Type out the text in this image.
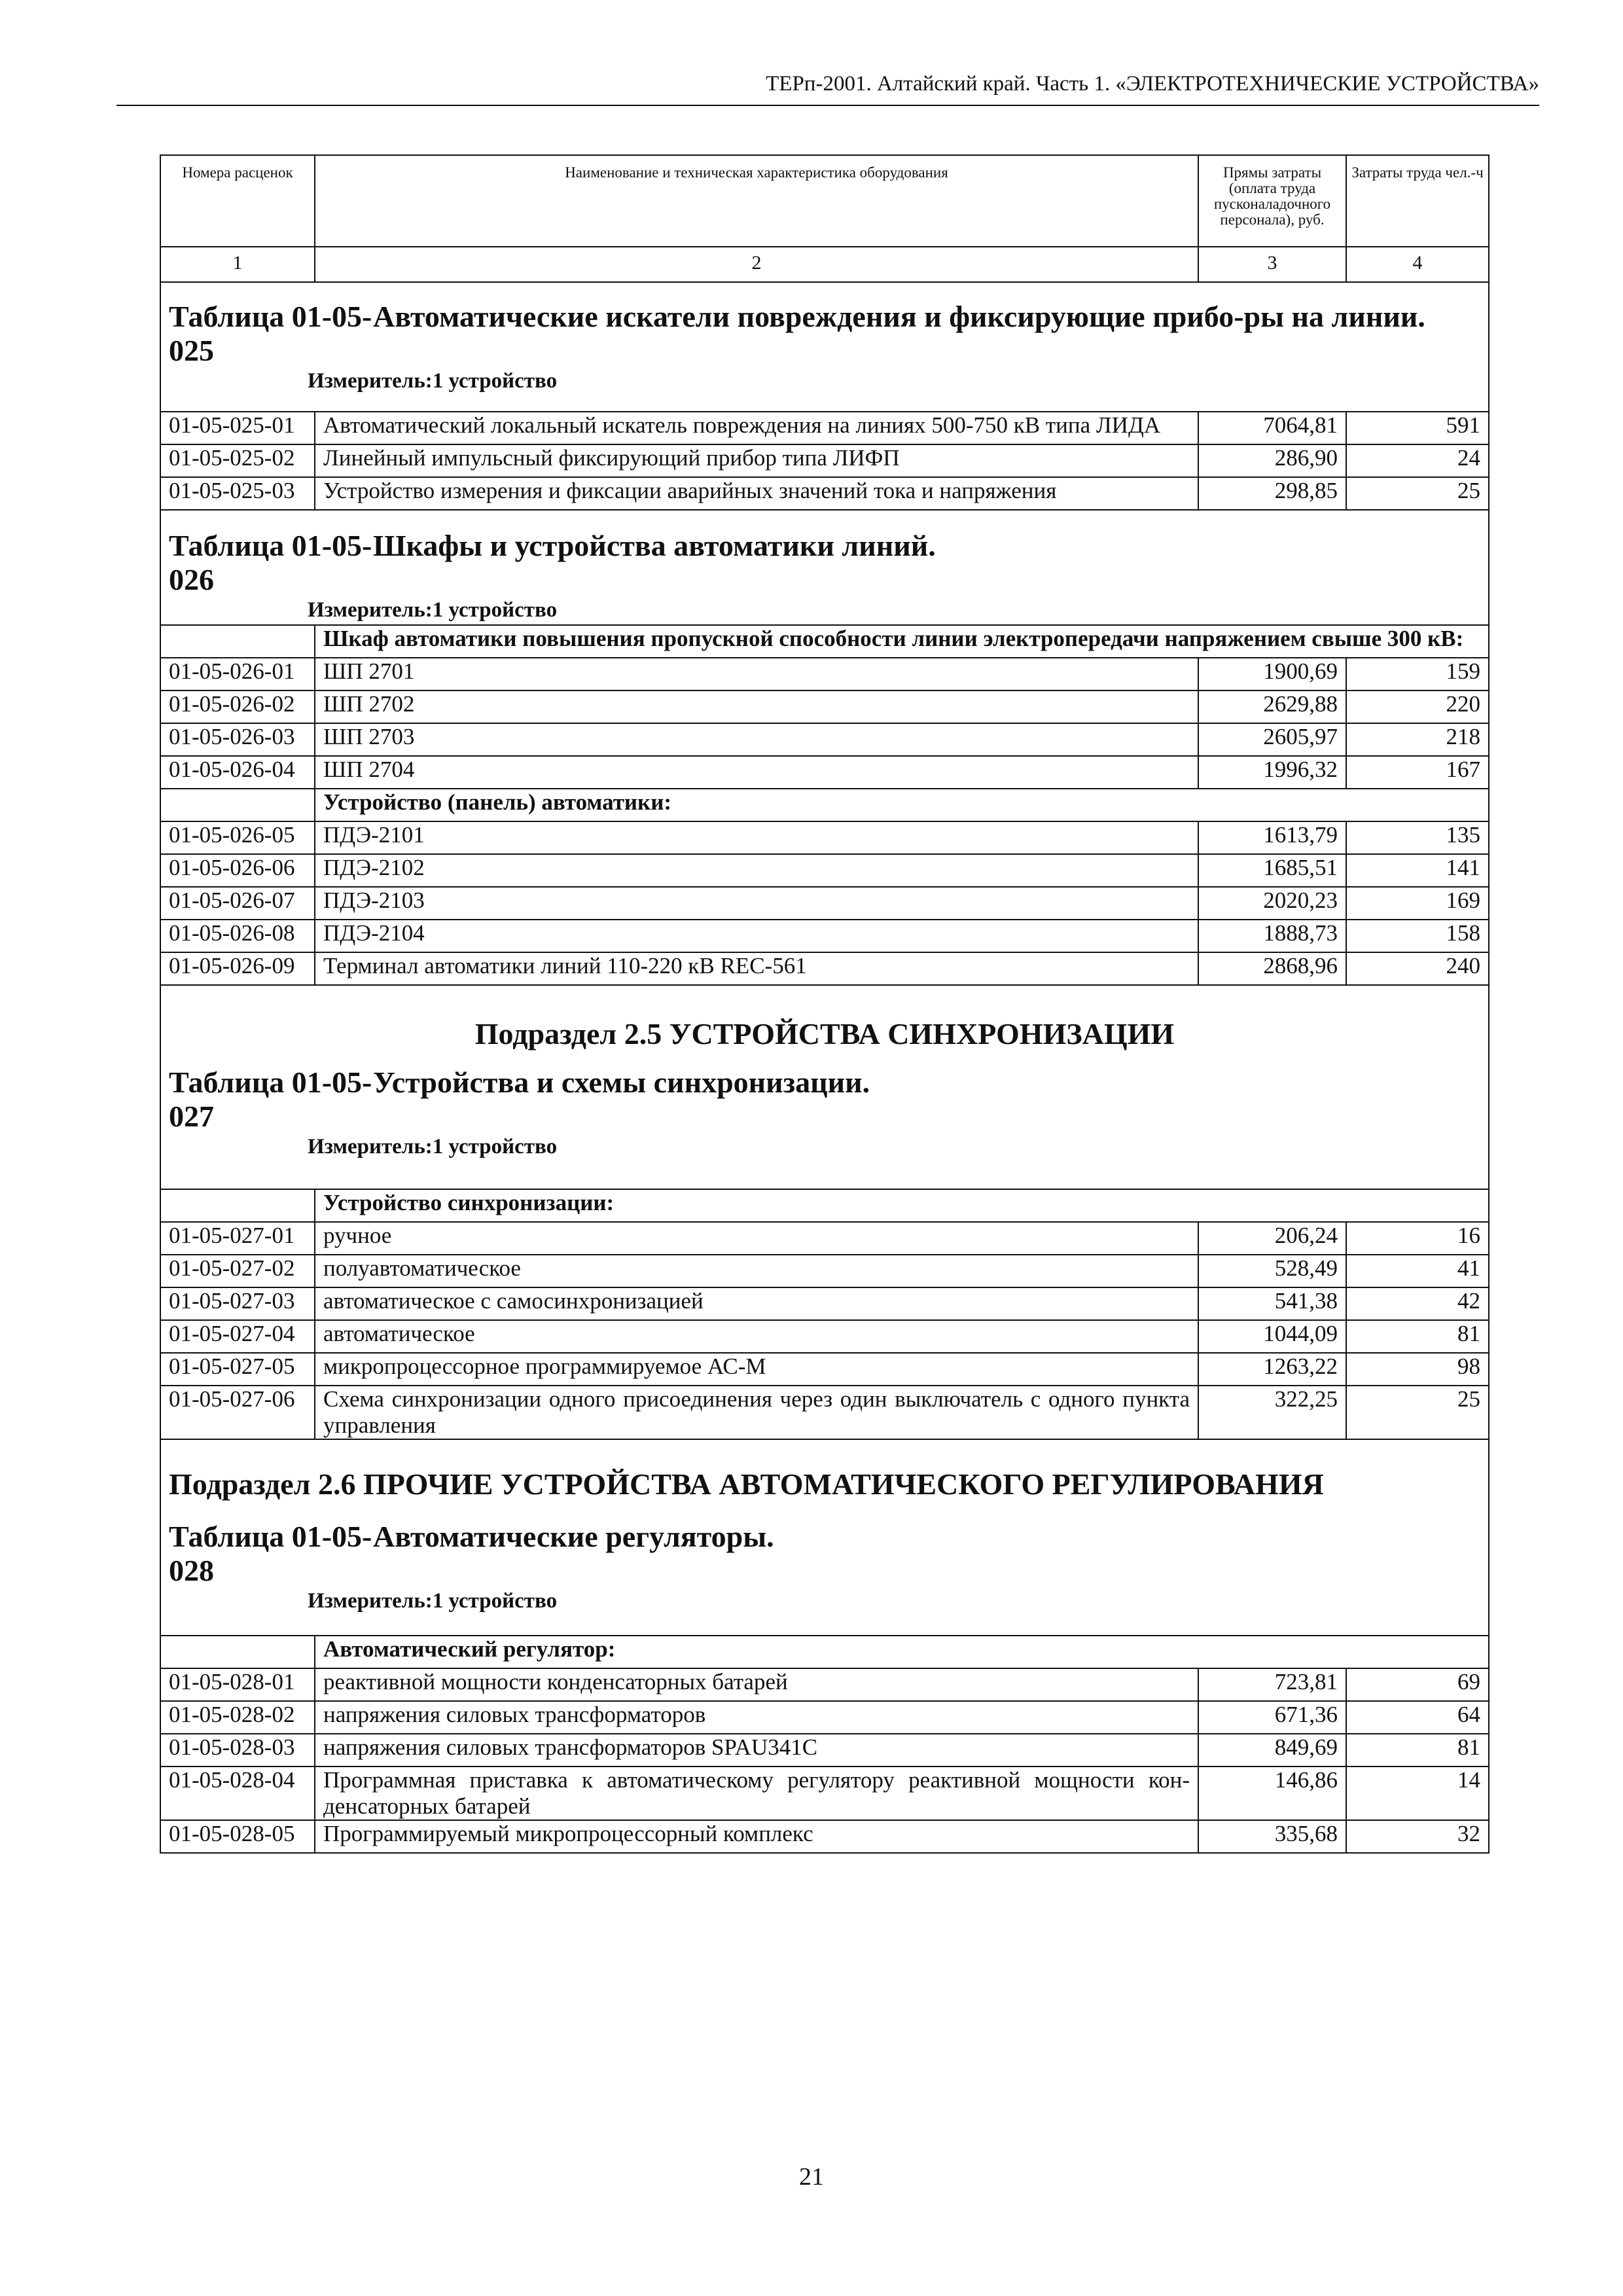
ТЕРп-2001. Алтайский край. Часть 1. «ЭЛЕКТРОТЕХНИЧЕСКИЕ УСТРОЙСТВА»
Номера расценок	Наименование и техническая характеристика оборудования	Прямы затраты (оплата труда пусконаладочного персонала), руб.	Затраты труда чел.-ч
1	2	3	4

Таблица 01-05-025
Автоматические искатели повреждения и фиксирующие прибо-ры на линии.
Измеритель:1 устройство			

01-05-025-01	Автоматический локальный искатель повреждения на линиях 500-750 кВ типа ЛИДА	7064,81	591
01-05-025-02	Линейный импульсный фиксирующий прибор типа ЛИФП	286,90	24
01-05-025-03	Устройство измерения и фиксации аварийных значений тока и напряжения	298,85	25

Таблица 01-05-026
Шкафы и устройства автоматики линий.
Измеритель:1 устройство			

	Шкаф автоматики повышения пропускной способности линии электропередачи напряжением свыше 300 кВ:		
01-05-026-01	ШП 2701	1900,69	159
01-05-026-02	ШП 2702	2629,88	220
01-05-026-03	ШП 2703	2605,97	218
01-05-026-04	ШП 2704	1996,32	167
	Устройство (панель) автоматики:		
01-05-026-05	ПДЭ-2101	1613,79	135
01-05-026-06	ПДЭ-2102	1685,51	141
01-05-026-07	ПДЭ-2103	2020,23	169
01-05-026-08	ПДЭ-2104	1888,73	158
01-05-026-09	Терминал автоматики линий 110-220 кВ REC-561	2868,96	240

Подраздел 2.5 УСТРОЙСТВА СИНХРОНИЗАЦИИ
Таблица 01-05-027
Устройства и схемы синхронизации.
Измеритель:1 устройство			

	Устройство синхронизации:		
01-05-027-01	ручное	206,24	16
01-05-027-02	полуавтоматическое	528,49	41
01-05-027-03	автоматическое с самосинхронизацией	541,38	42
01-05-027-04	автоматическое	1044,09	81
01-05-027-05	микропроцессорное программируемое АС-М	1263,22	98
01-05-027-06	Схема синхронизации одного присоединения через один выключатель с одного пункта управления	322,25	25

Подраздел 2.6 ПРОЧИЕ УСТРОЙСТВА АВТОМАТИЧЕСКОГО РЕГУЛИРОВАНИЯ
Таблица 01-05-028
Автоматические регуляторы.
Измеритель:1 устройство			

	Автоматический регулятор:		
01-05-028-01	реактивной мощности конденсаторных батарей	723,81	69
01-05-028-02	напряжения силовых трансформаторов	671,36	64
01-05-028-03	напряжения силовых трансформаторов SPAU341C	849,69	81
01-05-028-04	Программная приставка к автоматическому регулятору реактивной мощности кон-денсаторных батарей	146,86	14
01-05-028-05	Программируемый микропроцессорный комплекс	335,68	32
21
